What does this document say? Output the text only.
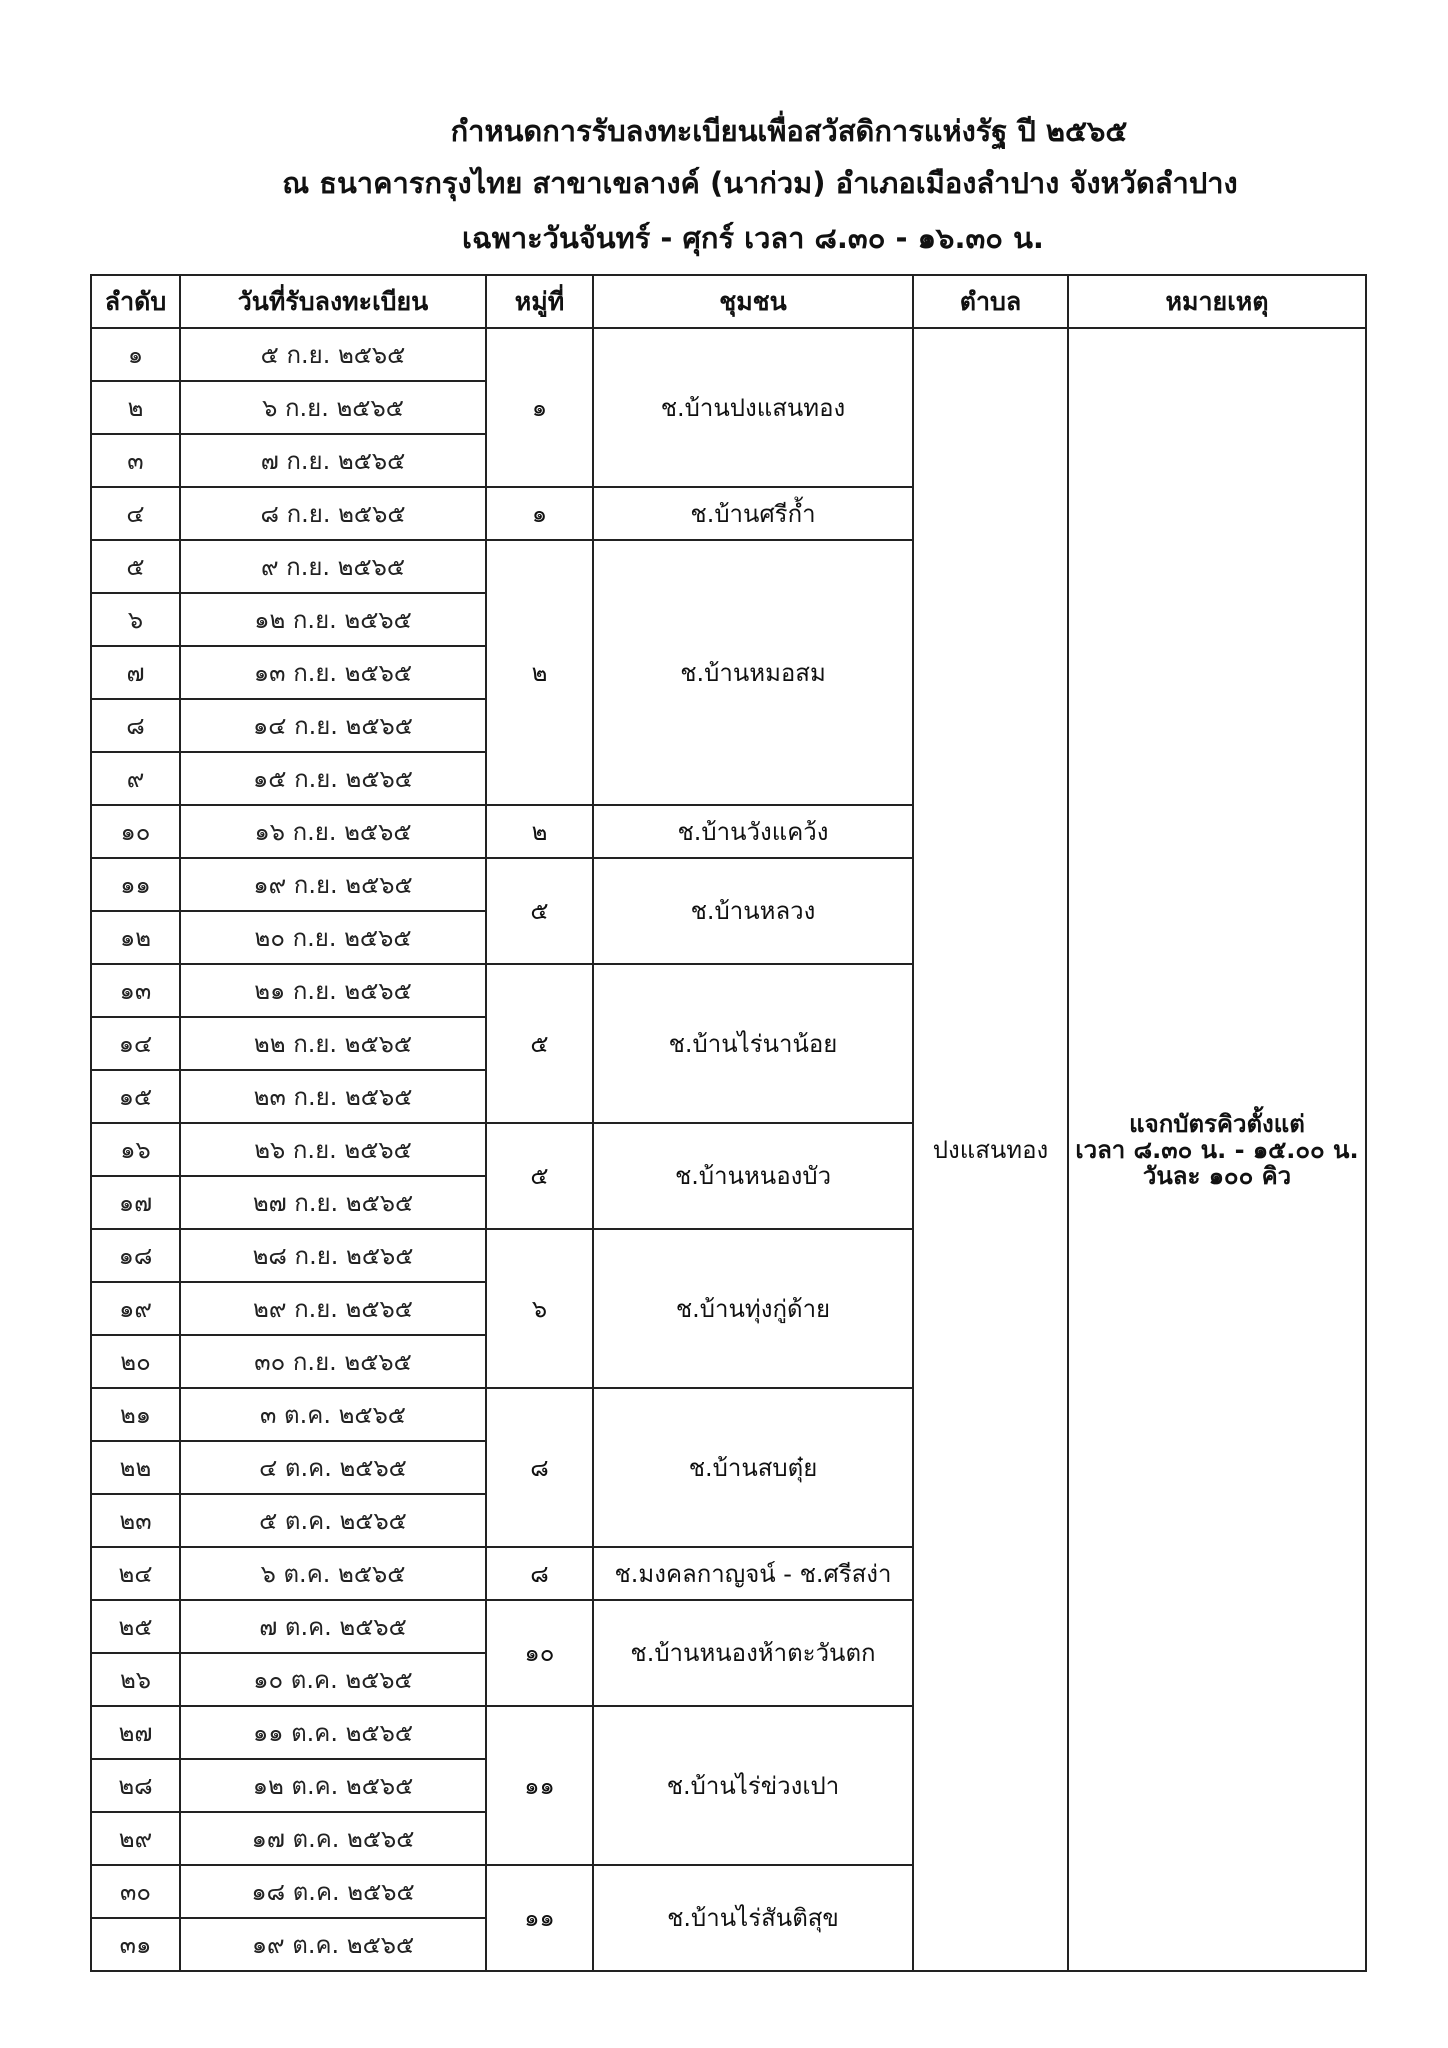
กำหนดการรับลงทะเบียนเพื่อสวัสดิการแห่งรัฐ ปี ๒๕๖๕
ณ ธนาคารกรุงไทย สาขาเขลางค์ (นาก่วม) อำเภอเมืองลำปาง จังหวัดลำปาง
เฉพาะวันจันทร์ - ศุกร์ เวลา ๘.๓๐ - ๑๖.๓๐ น.
ลำดับ	วันที่รับลงทะเบียน	หมู่ที่	ชุมชน	ตำบล	หมายเหตุ
๑	๕ ก.ย. ๒๕๖๕	๑	ช.บ้านปงแสนทอง	ปงแสนทอง	แจกบัตรคิวตั้งแต่
เวลา ๘.๓๐ น. - ๑๕.๐๐ น.
วันละ ๑๐๐ คิว

๒	๖ ก.ย. ๒๕๖๕				
๓	๗ ก.ย. ๒๕๖๕				
๔	๘ ก.ย. ๒๕๖๕	๑	ช.บ้านศรีก้ำ		
๕	๙ ก.ย. ๒๕๖๕	๒	ช.บ้านหมอสม		
๖	๑๒ ก.ย. ๒๕๖๕				
๗	๑๓ ก.ย. ๒๕๖๕				
๘	๑๔ ก.ย. ๒๕๖๕				
๙	๑๕ ก.ย. ๒๕๖๕				
๑๐	๑๖ ก.ย. ๒๕๖๕	๒	ช.บ้านวังแคว้ง		
๑๑	๑๙ ก.ย. ๒๕๖๕	๕	ช.บ้านหลวง		
๑๒	๒๐ ก.ย. ๒๕๖๕				
๑๓	๒๑ ก.ย. ๒๕๖๕	๕	ช.บ้านไร่นาน้อย		
๑๔	๒๒ ก.ย. ๒๕๖๕				
๑๕	๒๓ ก.ย. ๒๕๖๕				
๑๖	๒๖ ก.ย. ๒๕๖๕	๕	ช.บ้านหนองบัว		
๑๗	๒๗ ก.ย. ๒๕๖๕				
๑๘	๒๘ ก.ย. ๒๕๖๕	๖	ช.บ้านทุ่งกู่ด้าย		
๑๙	๒๙ ก.ย. ๒๕๖๕				
๒๐	๓๐ ก.ย. ๒๕๖๕				
๒๑	๓ ต.ค. ๒๕๖๕	๘	ช.บ้านสบตุ๋ย		
๒๒	๔ ต.ค. ๒๕๖๕				
๒๓	๕ ต.ค. ๒๕๖๕				
๒๔	๖ ต.ค. ๒๕๖๕	๘	ช.มงคลกาญจน์ - ช.ศรีสง่า		
๒๕	๗ ต.ค. ๒๕๖๕	๑๐	ช.บ้านหนองห้าตะวันตก		
๒๖	๑๐ ต.ค. ๒๕๖๕				
๒๗	๑๑ ต.ค. ๒๕๖๕	๑๑	ช.บ้านไร่ข่วงเปา		
๒๘	๑๒ ต.ค. ๒๕๖๕				
๒๙	๑๗ ต.ค. ๒๕๖๕				
๓๐	๑๘ ต.ค. ๒๕๖๕	๑๑	ช.บ้านไร่สันติสุข		
๓๑	๑๙ ต.ค. ๒๕๖๕				
